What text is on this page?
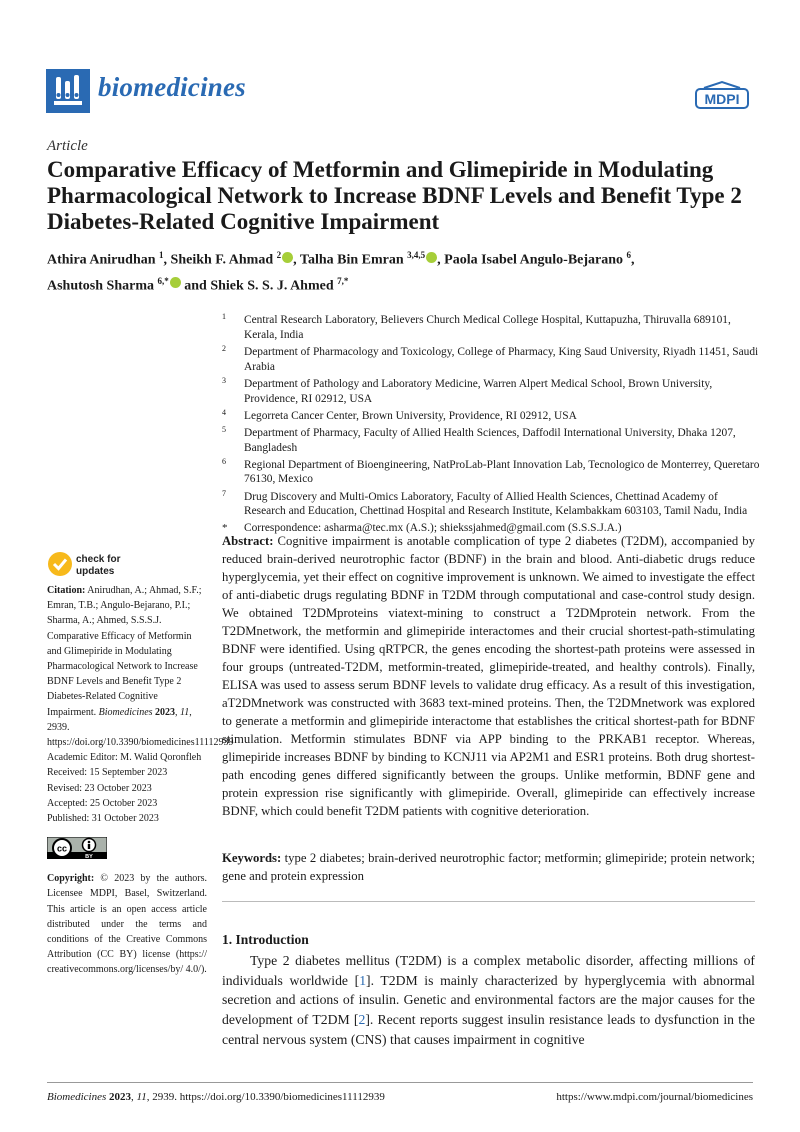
biomedicines	MDPI
Article
Comparative Efficacy of Metformin and Glimepiride in Modulating Pharmacological Network to Increase BDNF Levels and Benefit Type 2 Diabetes-Related Cognitive Impairment
Athira Anirudhan $^1$, Sheikh F. Ahmad $^2$ , Talha Bin Emran $^{3,4,5}$ , Paola Isabel Angulo-Bejarano $^6$,
Ashutosh Sharma $^{6,*}$ and Shiek S. S. J. Ahmed $^{7,*}$
1 Central Research Laboratory, Believers Church Medical College Hospital, Kuttapuzha, Thiruvalla 689101, Kerala, India
2 Department of Pharmacology and Toxicology, College of Pharmacy, King Saud University, Riyadh 11451, Saudi Arabia
3 Department of Pathology and Laboratory Medicine, Warren Alpert Medical School, Brown University, Providence, RI 02912, USA
4 Legorreta Cancer Center, Brown University, Providence, RI 02912, USA
5 Department of Pharmacy, Faculty of Allied Health Sciences, Daffodil International University, Dhaka 1207, Bangladesh
6 Regional Department of Bioengineering, NatProLab-Plant Innovation Lab, Tecnologico de Monterrey, Queretaro 76130, Mexico
7 Drug Discovery and Multi-Omics Laboratory, Faculty of Allied Health Sciences, Chettinad Academy of Research and Education, Chettinad Hospital and Research Institute, Kelambakkam 603103, Tamil Nadu, India
* Correspondence: asharma@tec.mx (A.S.); shiekssjahmed@gmail.com (S.S.S.J.A.)
check for
updates

Citation: Anirudhan, A.; Ahmad, S.F.; Emran, T.B.; Angulo-Bejarano, P.I.; Sharma, A.; Ahmed, S.S.S.J. Comparative Efficacy of Metformin and Glimepiride in Modulating Pharmacological Network to Increase BDNF Levels and Benefit Type 2 Diabetes-Related Cognitive Impairment. Biomedicines 2023, 11, 2939. https://doi.org/10.3390/biomedicines11112939

Academic Editor: M. Walid Qoronfleh

Received: 15 September 2023

Revised: 23 October 2023

Accepted: 25 October 2023

Published: 31 October 2023

cc
BY

Copyright: © 2023 by the authors. Licensee MDPI, Basel, Switzerland. This article is an open access article distributed under the terms and conditions of the Creative Commons Attribution (CC BY) license (https:// creativecommons.org/licenses/by/ 4.0/).

Abstract: Cognitive impairment is anotable complication of type 2 diabetes (T2DM), accompanied by reduced brain-derived neurotrophic factor (BDNF) in the brain and blood. Anti-diabetic drugs reduce hyperglycemia, yet their effect on cognitive improvement is unknown. We aimed to investigate the effect of anti-diabetic drugs regulating BDNF in T2DM through computational and case-control study design. We obtained T2DMproteins viatext-mining to construct a T2DMprotein network. From the T2DMnetwork, the metformin and glimepiride interactomes and their crucial shortest-path-stimulating BDNF were identified. Using qRTPCR, the genes encoding the shortest-path proteins were assessed in four groups (untreated-T2DM, metformin-treated, glimepiride-treated, and healthy controls). Finally, ELISA was used to assess serum BDNF levels to validate drug efficacy. As a result of this investigation, aT2DMnetwork was constructed with 3683 text-mined proteins. Then, the T2DMnetwork was explored to generate a metformin and glimepiride interactome that establishes the critical shortest-path for BDNF stimulation. Metformin stimulates BDNF via APP binding to the PRKAB1 receptor. Whereas, glimepiride increases BDNF by binding to KCNJ11 via AP2M1 and ESR1 proteins. Both drug shortest-path encoding genes differed significantly between the groups. Unlike metformin, BDNF gene and protein expression rise significantly with glimepiride. Overall, glimepiride can effectively increase BDNF, which could benefit T2DM patients with cognitive deterioration.
Keywords: type 2 diabetes; brain-derived neurotrophic factor; metformin; glimepiride; protein network; gene and protein expression
1. Introduction
Type 2 diabetes mellitus (T2DM) is a complex metabolic disorder, affecting millions of individuals worldwide [1]. T2DM is mainly characterized by hyperglycemia with abnormal secretion and actions of insulin. Genetic and environmental factors are the major causes for the development of T2DM [2]. Recent reports suggest insulin resistance leads to dysfunction in the central nervous system (CNS) that causes impairment in cognitive
Biomedicines 2023, 11, 2939. https://doi.org/10.3390/biomedicines11112939	https://www.mdpi.com/journal/biomedicines
